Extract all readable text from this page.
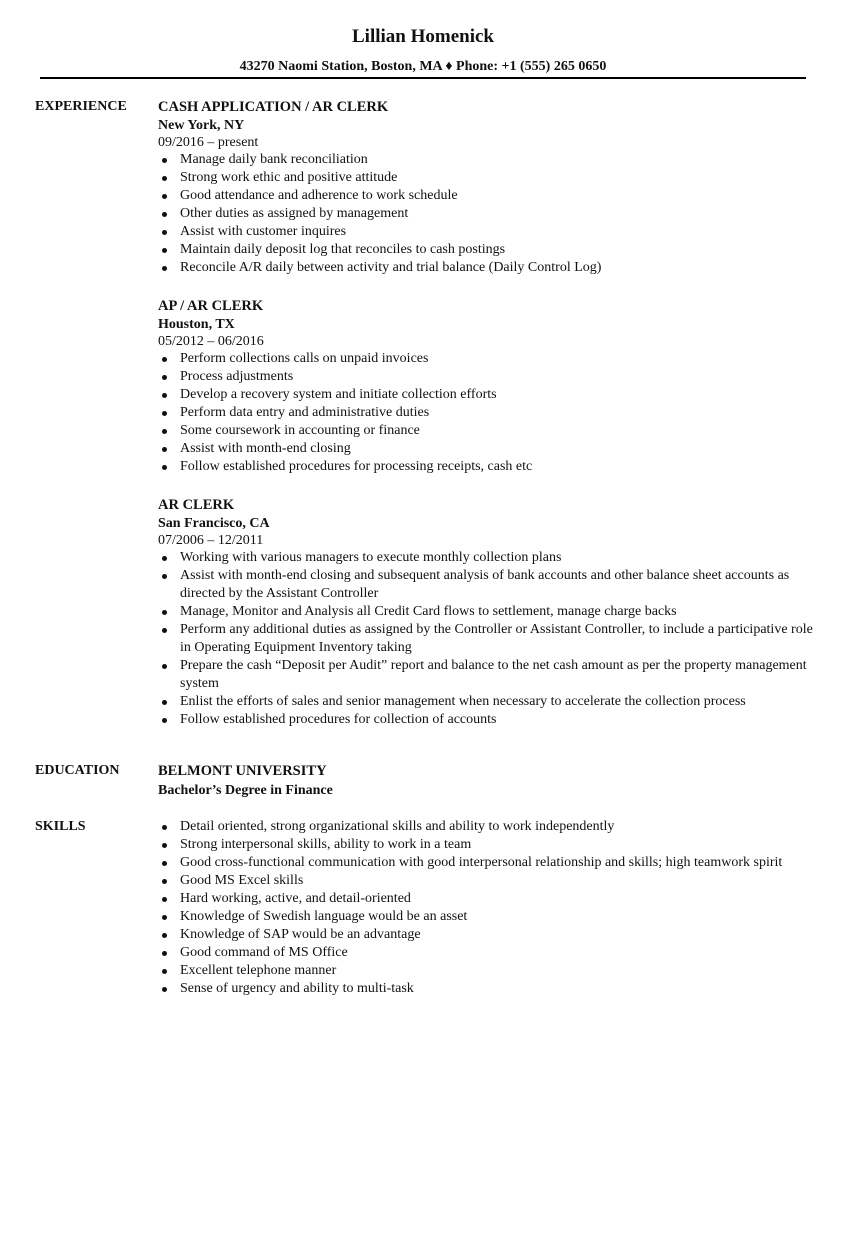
Lillian Homenick
43270 Naomi Station, Boston, MA ♦ Phone: +1 (555) 265 0650
EXPERIENCE	CASH APPLICATION / AR CLERK
New York, NY
09/2016 – present
Manage daily bank reconciliation
Strong work ethic and positive attitude
Good attendance and adherence to work schedule
Other duties as assigned by management
Assist with customer inquires
Maintain daily deposit log that reconciles to cash postings
Reconcile A/R daily between activity and trial balance (Daily Control Log)
AP / AR CLERK
Houston, TX
05/2012 – 06/2016
Perform collections calls on unpaid invoices
Process adjustments
Develop a recovery system and initiate collection efforts
Perform data entry and administrative duties
Some coursework in accounting or finance
Assist with month-end closing
Follow established procedures for processing receipts, cash etc
AR CLERK
San Francisco, CA
07/2006 – 12/2011
Working with various managers to execute monthly collection plans
Assist with month-end closing and subsequent analysis of bank accounts and other balance sheet accounts as directed by the Assistant Controller
Manage, Monitor and Analysis all Credit Card flows to settlement, manage charge backs
Perform any additional duties as assigned by the Controller or Assistant Controller, to include a participative role in Operating Equipment Inventory taking
Prepare the cash “Deposit per Audit” report and balance to the net cash amount as per the property management system
Enlist the efforts of sales and senior management when necessary to accelerate the collection process
Follow established procedures for collection of accounts
EDUCATION	BELMONT UNIVERSITY
Bachelor’s Degree in Finance
SKILLS	Detail oriented, strong organizational skills and ability to work independently
Strong interpersonal skills, ability to work in a team
Good cross-functional communication with good interpersonal relationship and skills; high teamwork spirit
Good MS Excel skills
Hard working, active, and detail-oriented
Knowledge of Swedish language would be an asset
Knowledge of SAP would be an advantage
Good command of MS Office
Excellent telephone manner
Sense of urgency and ability to multi-task
